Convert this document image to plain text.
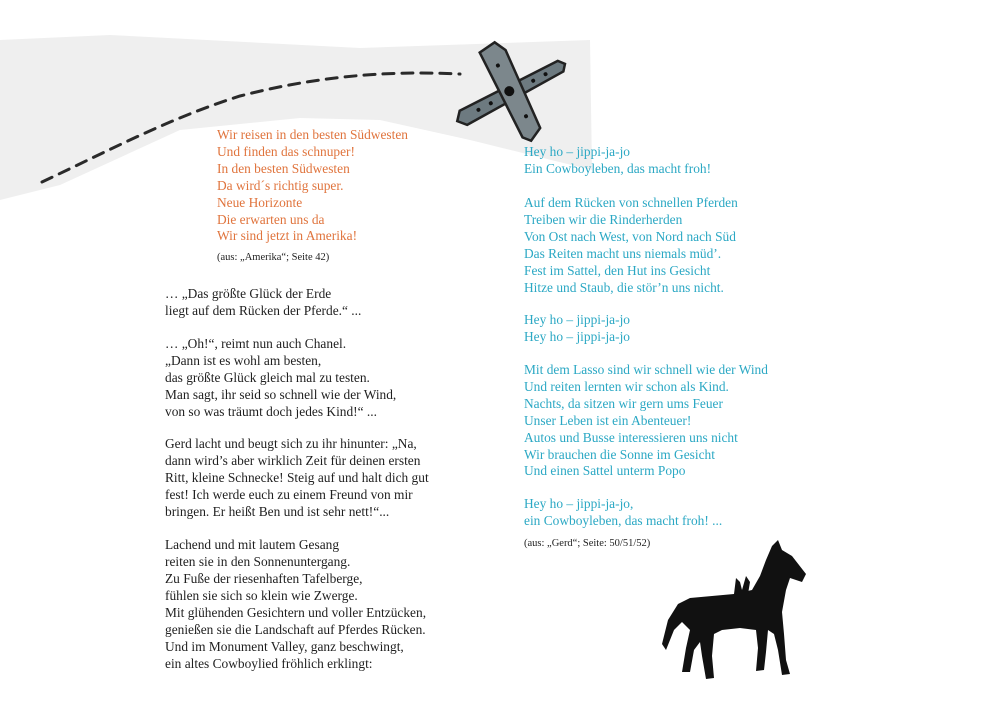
Wir reisen in den besten Südwesten
Und finden das schnuper!
In den besten Südwesten
Da wird´s richtig super.
Neue Horizonte
Die erwarten uns da
Wir sind jetzt in Amerika!

(aus: „Amerika“; Seite 42)

… „Das größte Glück der Erde
liegt auf dem Rücken der Pferde.“ ...

… „Oh!“, reimt nun auch Chanel.
„Dann ist es wohl am besten,
das größte Glück gleich mal zu testen.
Man sagt, ihr seid so schnell wie der Wind,
von so was träumt doch jedes Kind!“ ...

Gerd lacht und beugt sich zu ihr hinunter: „Na,
dann wird’s aber wirklich Zeit für deinen ersten
Ritt, kleine Schnecke! Steig auf und halt dich gut
fest! Ich werde euch zu einem Freund von mir
bringen. Er heißt Ben und ist sehr nett!“...

Lachend und mit lautem Gesang
reiten sie in den Sonnenuntergang.
Zu Fuße der riesenhaften Tafelberge,
fühlen sie sich so klein wie Zwerge.
Mit glühenden Gesichtern und voller Entzücken,
genießen sie die Landschaft auf Pferdes Rücken.
Und im Monument Valley, ganz beschwingt,
ein altes Cowboylied fröhlich erklingt:

Hey ho – jippi-ja-jo
Ein Cowboyleben, das macht froh!

Auf dem Rücken von schnellen Pferden
Treiben wir die Rinderherden
Von Ost nach West, von Nord nach Süd
Das Reiten macht uns niemals müd’.
Fest im Sattel, den Hut ins Gesicht
Hitze und Staub, die stör’n uns nicht.

Hey ho – jippi-ja-jo
Hey ho – jippi-ja-jo

Mit dem Lasso sind wir schnell wie der Wind
Und reiten lernten wir schon als Kind.
Nachts, da sitzen wir gern ums Feuer
Unser Leben ist ein Abenteuer!
Autos und Busse interessieren uns nicht
Wir brauchen die Sonne im Gesicht
Und einen Sattel unterm Popo

Hey ho – jippi-ja-jo,
ein Cowboyleben, das macht froh! ...

(aus: „Gerd“; Seite: 50/51/52)
